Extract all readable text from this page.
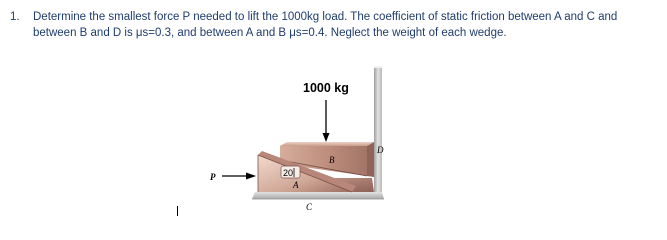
1. Determine the smallest force P needed to lift the 1000kg load. The coefficient of static friction between A and C and between B and D is μs=0.3, and between A and B μs=0.4. Neglect the weight of each wedge.
1000 kg
P	20
A
B
C
D
